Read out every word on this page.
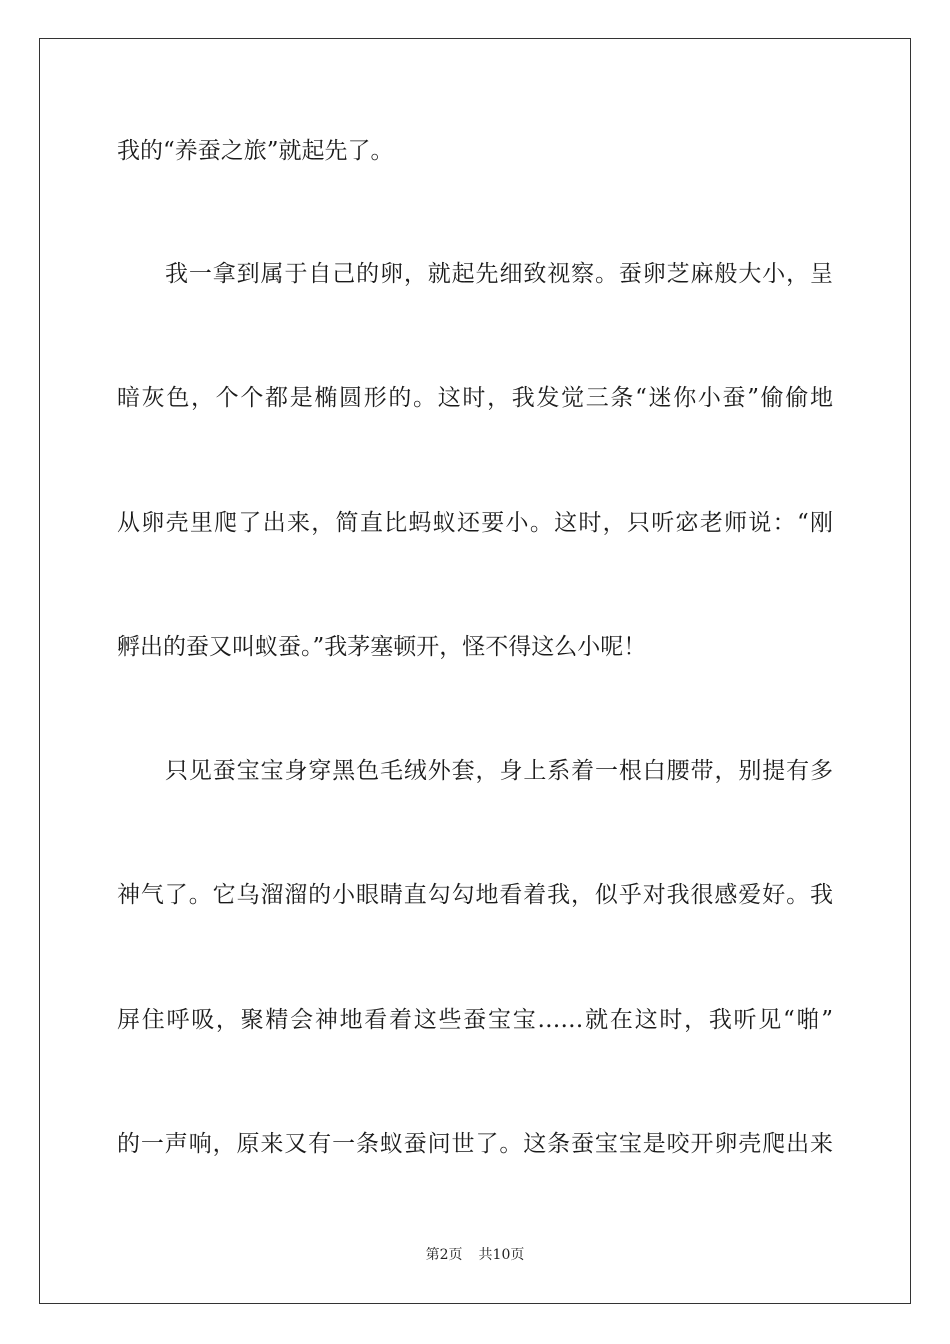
我的“养蚕之旅”就起先了。
我一拿到属于自己的卵，就起先细致视察。蚕卵芝麻般大小，呈
暗灰色，个个都是椭圆形的。这时，我发觉三条“迷你小蚕”偷偷地
从卵壳里爬了出来，简直比蚂蚁还要小。这时，只听宓老师说：“刚
孵出的蚕又叫蚁蚕。”我茅塞顿开，怪不得这么小呢！
只见蚕宝宝身穿黑色毛绒外套，身上系着一根白腰带，别提有多
神气了。它乌溜溜的小眼睛直勾勾地看着我，似乎对我很感爱好。我
屏住呼吸，聚精会神地看着这些蚕宝宝……就在这时，我听见“啪”
的一声响，原来又有一条蚁蚕问世了。这条蚕宝宝是咬开卵壳爬出来
第2页 共10页
